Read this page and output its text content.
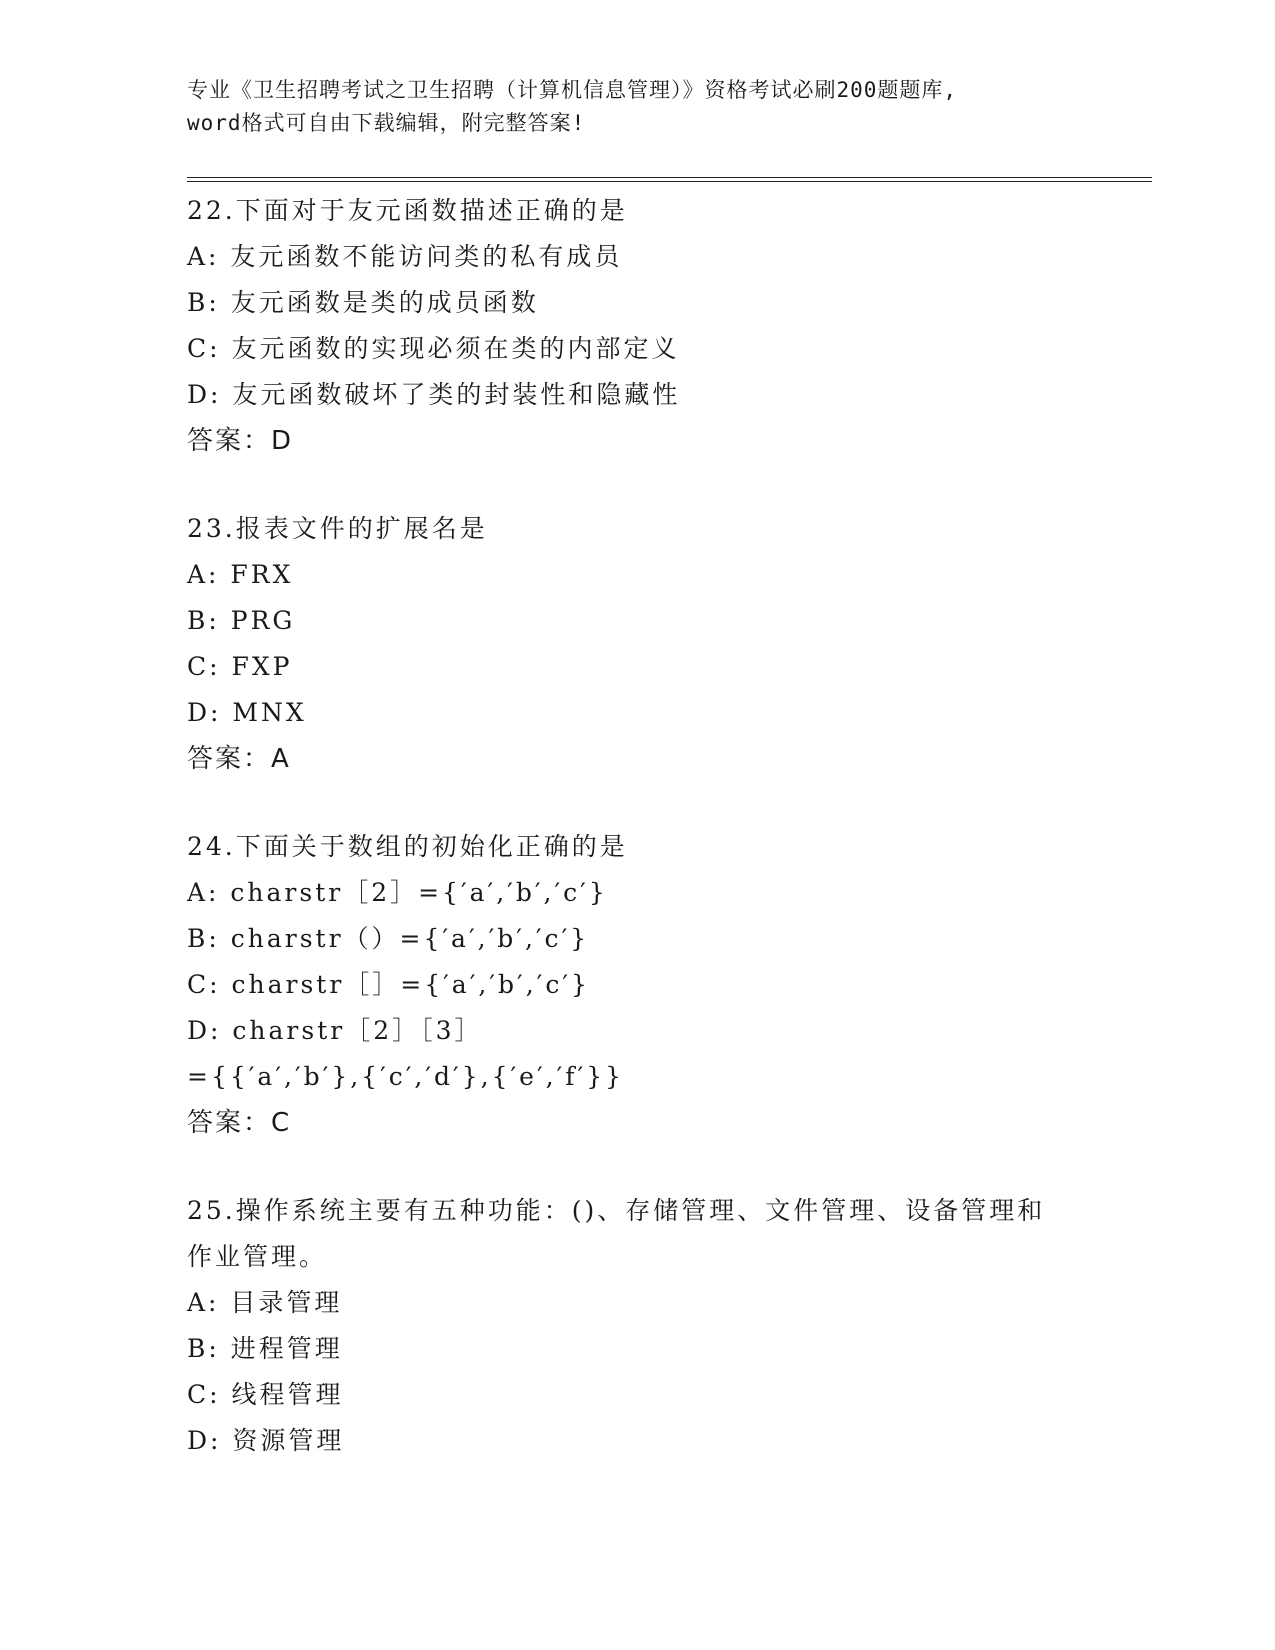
专业《卫生招聘考试之卫生招聘（计算机信息管理）》资格考试必刷200题题库,
word格式可自由下载编辑，附完整答案!
22.下面对于友元函数描述正确的是
A: 友元函数不能访问类的私有成员
B: 友元函数是类的成员函数
C: 友元函数的实现必须在类的内部定义
D: 友元函数破坏了类的封装性和隐藏性
答案：D
23.报表文件的扩展名是
A: FRX
B: PRG
C: FXP
D: MNX
答案：A
24.下面关于数组的初始化正确的是
A: charstr［2］={′a′,′b′,′c′}
B: charstr（）={′a′,′b′,′c′}
C: charstr［］={′a′,′b′,′c′}
D: charstr［2］［3］
={{′a′,′b′},{′c′,′d′},{′e′,′f′}}
答案：C
25.操作系统主要有五种功能：()、存储管理、文件管理、设备管理和作业管理。
A: 目录管理
B: 进程管理
C: 线程管理
D: 资源管理
